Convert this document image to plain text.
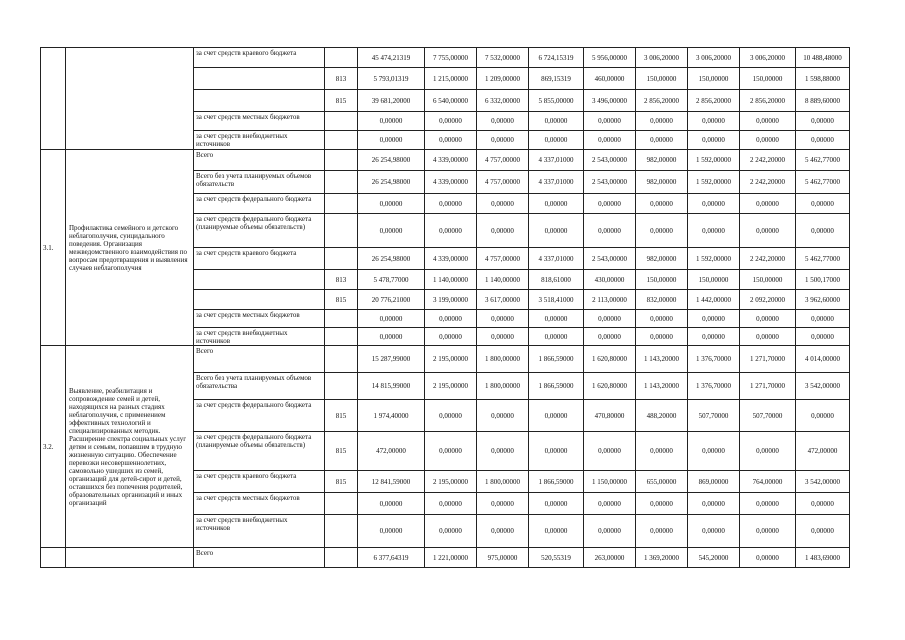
		за счет средств краевого бюджета		45 474,21319	7 755,00000	7 532,00000	6 724,15319	5 956,00000	3 006,20000	3 006,20000	3 006,20000	10 488,48000
			813	5 793,01319	1 215,00000	1 209,00000	869,15319	460,00000	150,00000	150,00000	150,00000	1 598,88000
			815	39 681,20000	6 540,00000	6 332,00000	5 855,00000	3 496,00000	2 856,20000	2 856,20000	2 856,20000	8 889,60000
		за счет средств местных бюджетов		0,00000	0,00000	0,00000	0,00000	0,00000	0,00000	0,00000	0,00000	0,00000
		за счет средств внебюджетных источников		0,00000	0,00000	0,00000	0,00000	0,00000	0,00000	0,00000	0,00000	0,00000
3.1.	Профилактика семейного и детского неблагополучия, суицидального поведения. Организация межведомственного взаимодействия по вопросам предотвращения и выявления случаев неблагополучия	Всего		26 254,98000	4 339,00000	4 757,00000	4 337,01000	2 543,00000	982,00000	1 592,00000	2 242,20000	5 462,77000
		Всего без учета планируемых объемов обязательств		26 254,98000	4 339,00000	4 757,00000	4 337,01000	2 543,00000	982,00000	1 592,00000	2 242,20000	5 462,77000
		за счет средств федерального бюджета		0,00000	0,00000	0,00000	0,00000	0,00000	0,00000	0,00000	0,00000	0,00000
		за счет средств федерального бюджета (планируемые объемы обязательств)		0,00000	0,00000	0,00000	0,00000	0,00000	0,00000	0,00000	0,00000	0,00000
		за счет средств краевого бюджета		26 254,98000	4 339,00000	4 757,00000	4 337,01000	2 543,00000	982,00000	1 592,00000	2 242,20000	5 462,77000
			813	5 478,77000	1 140,00000	1 140,00000	818,61000	430,00000	150,00000	150,00000	150,00000	1 500,17000
			815	20 776,21000	3 199,00000	3 617,00000	3 518,41000	2 113,00000	832,00000	1 442,00000	2 092,20000	3 962,60000
		за счет средств местных бюджетов		0,00000	0,00000	0,00000	0,00000	0,00000	0,00000	0,00000	0,00000	0,00000
		за счет средств внебюджетных источников		0,00000	0,00000	0,00000	0,00000	0,00000	0,00000	0,00000	0,00000	0,00000
3.2.	Выявление, реабилитация и сопровождение семей и детей, находящихся на разных стадиях неблагополучия, с применением эффективных технологий и специализированных методик. Расширение спектра социальных услуг детям и семьям, попавшим в трудную жизненную ситуацию. Обеспечение перевозки несовершеннолетних, самовольно ушедших из семей, организаций для детей-сирот и детей, оставшихся без попечения родителей, образовательных организаций и иных организаций	Всего		15 287,99000	2 195,00000	1 800,00000	1 866,59000	1 620,80000	1 143,20000	1 376,70000	1 271,70000	4 014,00000
		Всего без учета планируемых объемов обязательства		14 815,99000	2 195,00000	1 800,00000	1 866,59000	1 620,80000	1 143,20000	1 376,70000	1 271,70000	3 542,00000
		за счет средств федерального бюджета	815	1 974,40000	0,00000	0,00000	0,00000	470,80000	488,20000	507,70000	507,70000	0,00000
		за счет средств федерального бюджета (планируемые объемы обязательств)	815	472,00000	0,00000	0,00000	0,00000	0,00000	0,00000	0,00000	0,00000	472,00000
		за счет средств краевого бюджета	815	12 841,59000	2 195,00000	1 800,00000	1 866,59000	1 150,00000	655,00000	869,00000	764,00000	3 542,00000
		за счет средств местных бюджетов		0,00000	0,00000	0,00000	0,00000	0,00000	0,00000	0,00000	0,00000	0,00000
		за счет средств внебюджетных источников		0,00000	0,00000	0,00000	0,00000	0,00000	0,00000	0,00000	0,00000	0,00000
		Всего		6 377,64319	1 221,00000	975,00000	520,55319	263,00000	1 369,20000	545,20000	0,00000	1 483,69000
